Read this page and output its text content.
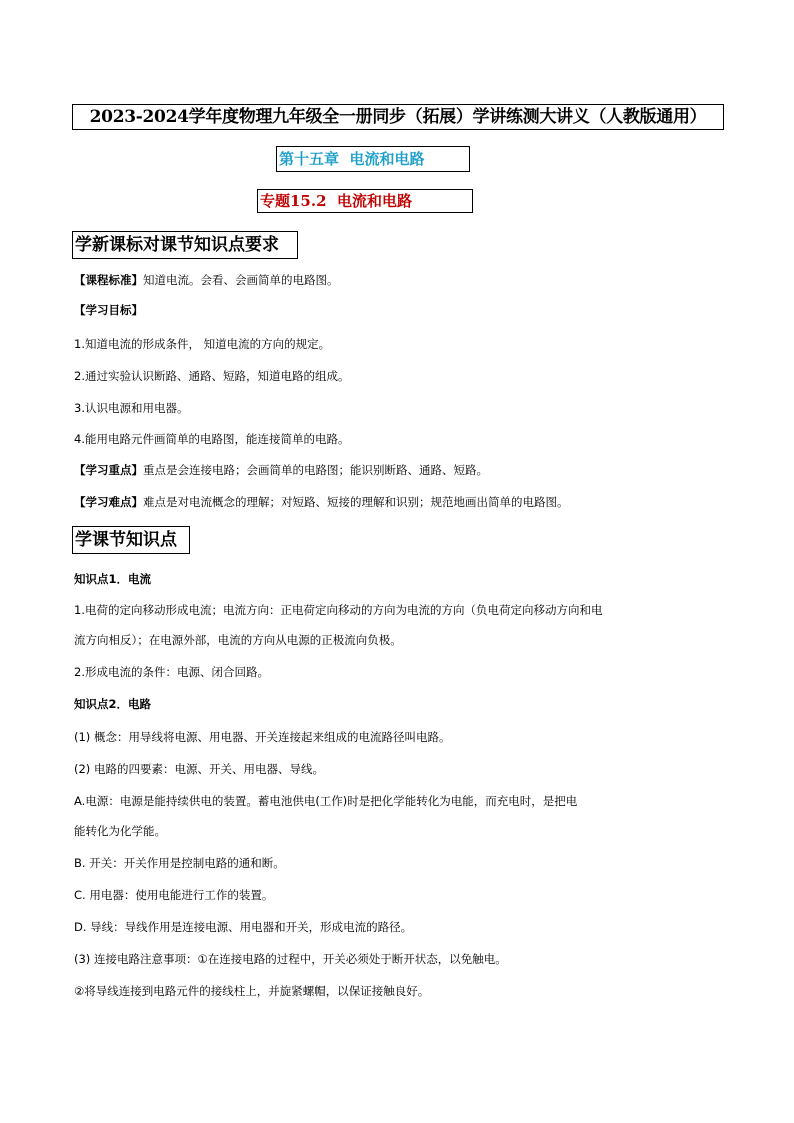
2023-2024学年度物理九年级全一册同步（拓展）学讲练测大讲义（人教版通用）
第十五章  电流和电路
专题15.2  电流和电路
学新课标对课节知识点要求
【课程标准】知道电流。会看、会画简单的电路图。
【学习目标】
1.知道电流的形成条件， 知道电流的方向的规定。
2.通过实验认识断路、通路、短路，知道电路的组成。
3.认识电源和用电器。
4.能用电路元件画简单的电路图，能连接简单的电路。
【学习重点】重点是会连接电路；会画简单的电路图；能识别断路、通路、短路。
【学习难点】难点是对电流概念的理解；对短路、短接的理解和识别；规范地画出简单的电路图。
学课节知识点
知识点1．电流
1.电荷的定向移动形成电流；电流方向：正电荷定向移动的方向为电流的方向（负电荷定向移动方向和电
流方向相反）；在电源外部，电流的方向从电源的正极流向负极。
2.形成电流的条件：电源、闭合回路。
知识点2．电路
(1) 概念：用导线将电源、用电器、开关连接起来组成的电流路径叫电路。
(2) 电路的四要素：电源、开关、用电器、导线。
A.电源：电源是能持续供电的装置。蓄电池供电(工作)时是把化学能转化为电能，而充电时，是把电
能转化为化学能。
B. 开关：开关作用是控制电路的通和断。
C. 用电器：使用电能进行工作的装置。
D. 导线：导线作用是连接电源、用电器和开关，形成电流的路径。
(3) 连接电路注意事项：①在连接电路的过程中，开关必须处于断开状态，以免触电。
②将导线连接到电路元件的接线柱上，并旋紧螺帽，以保证接触良好。
